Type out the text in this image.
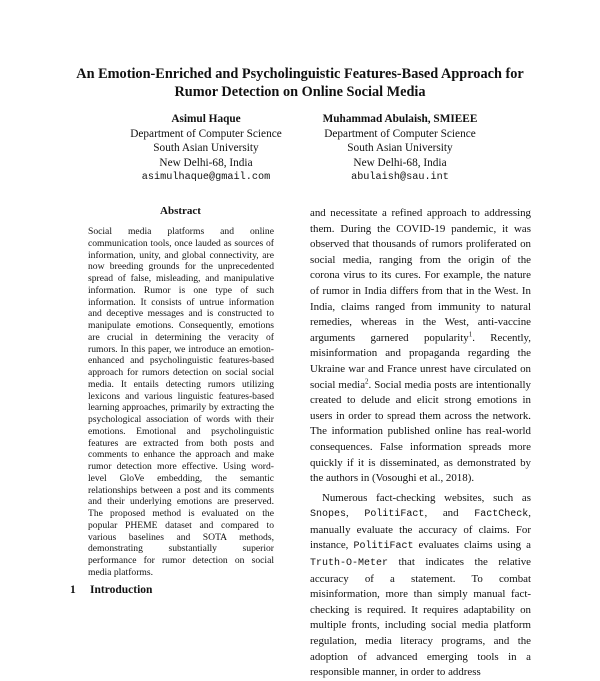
An Emotion-Enriched and Psycholinguistic Features-Based Approach for
Rumor Detection on Online Social Media
Asimul Haque
Department of Computer Science
South Asian University
New Delhi-68, India
asimulhaque@gmail.com
Muhammad Abulaish, SMIEEE
Department of Computer Science
South Asian University
New Delhi-68, India
abulaish@sau.int
Abstract
Social media platforms and online communication tools, once lauded as sources of information, unity, and global connectivity, are now breeding grounds for the unprecedented spread of false, misleading, and manipulative information. Rumor is one type of such information. It consists of untrue information and deceptive messages and is constructed to manipulate emotions. Consequently, emotions are crucial in determining the veracity of rumors. In this paper, we introduce an emotion-enhanced and psycholinguistic features-based approach for rumors detection on social social media. It entails detecting rumors utilizing lexicons and various linguistic features-based learning approaches, primarily by extracting the psychological association of words with their emotions. Emotional and psycholinguistic features are extracted from both posts and comments to enhance the approach and make rumor detection more effective. Using word-level GloVe embedding, the semantic relationships between a post and its comments and their underlying emotions are preserved. The proposed method is evaluated on the popular PHEME dataset and compared to various baselines and SOTA methods, demonstrating substantially superior performance for rumor detection on social media platforms.
1 Introduction

and necessitate a refined approach to addressing them. During the COVID-19 pandemic, it was observed that thousands of rumors proliferated on social media, ranging from the origin of the corona virus to its cures. For example, the nature of rumor in India differs from that in the West. In India, claims ranged from immunity to natural remedies, whereas in the West, anti-vaccine arguments garnered popularity$^1$. Recently, misinformation and propaganda regarding the Ukraine war and France unrest have circulated on social media$^2$. Social media posts are intentionally created to delude and elicit strong emotions in users in order to spread them across the network. The information published online has real-world consequences. False information spreads more quickly if it is disseminated, as demonstrated by the authors in (Vosoughi et al., 2018).

Numerous fact-checking websites, such as Snopes, PolitiFact, and FactCheck, manually evaluate the accuracy of claims. For instance, PolitiFact evaluates claims using a Truth-O-Meter that indicates the relative accuracy of a statement. To combat misinformation, more than simply manual fact-checking is required. It requires adaptability on multiple fronts, including social media platform regulation, media literacy programs, and the adoption of advanced emerging tools in a responsible manner, in order to address
